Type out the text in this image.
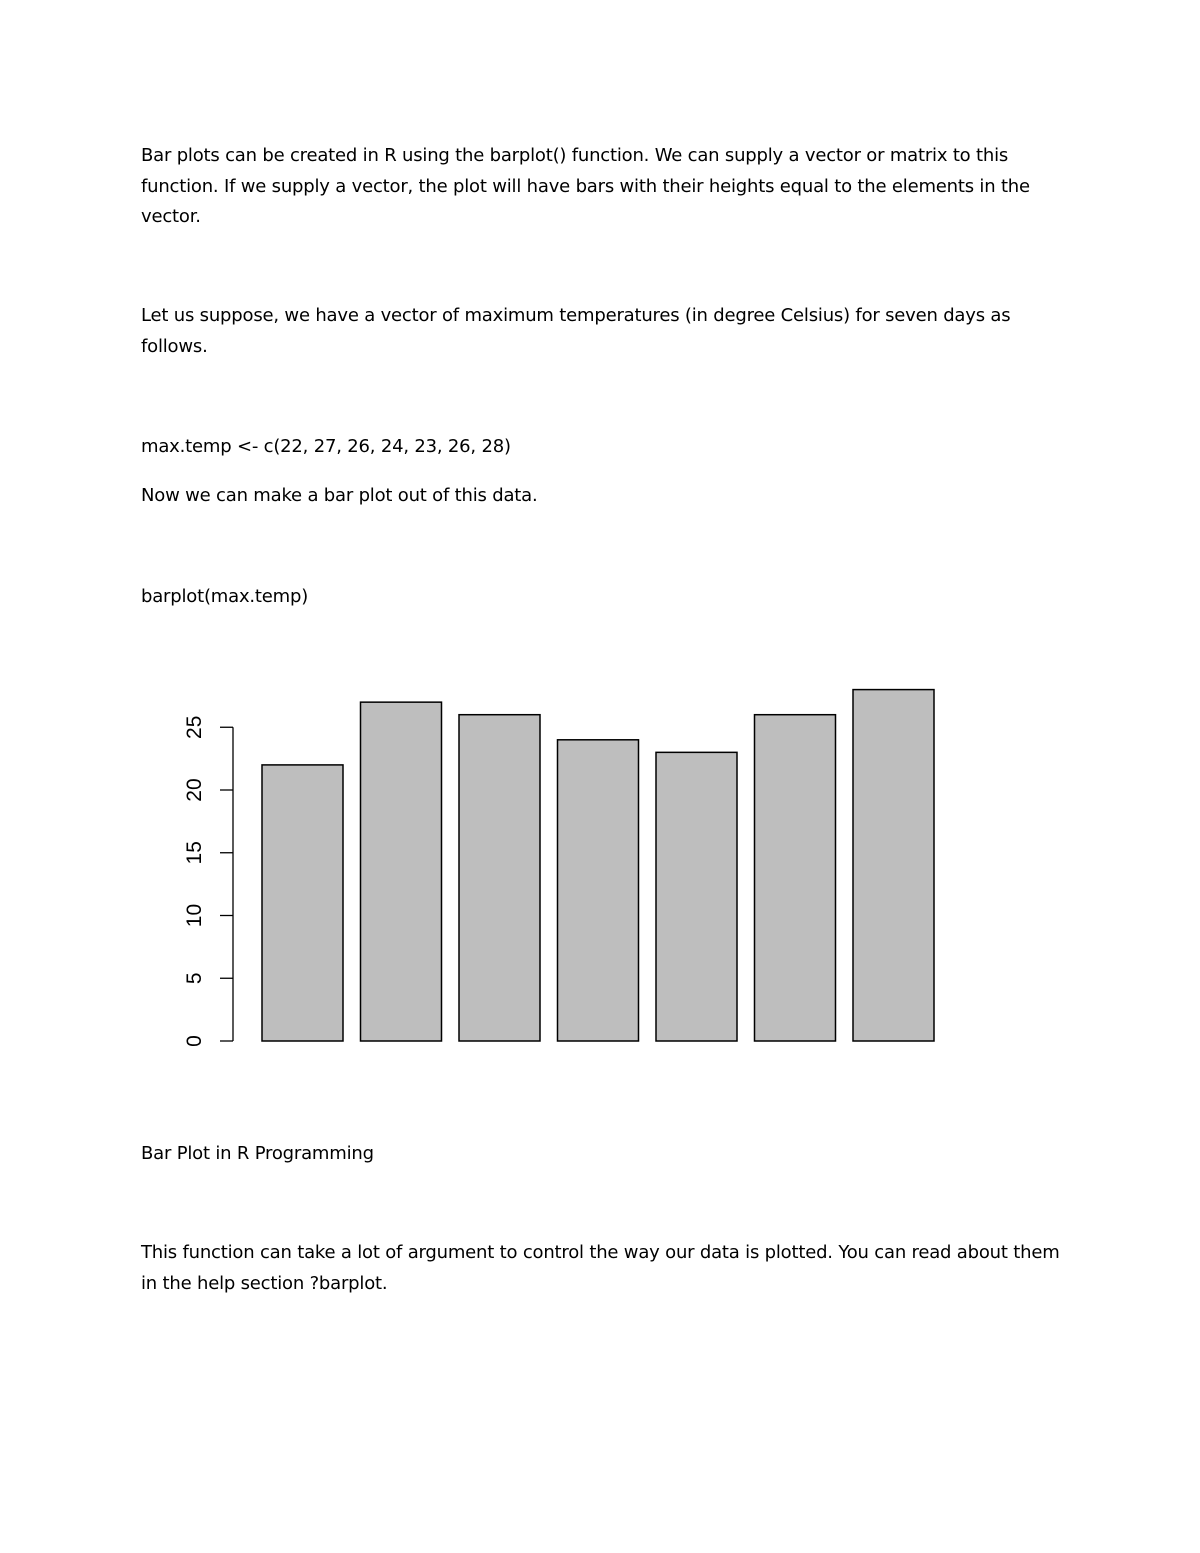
Bar plots can be created in R using the barplot() function. We can supply a vector or matrix to this function. If we supply a vector, the plot will have bars with their heights equal to the elements in the vector.

Let us suppose, we have a vector of maximum temperatures (in degree Celsius) for seven days as follows.

max.temp <- c(22, 27, 26, 24, 23, 26, 28)

Now we can make a bar plot out of this data.

barplot(max.temp)

0
5
10
15
20
25

Bar Plot in R Programming

This function can take a lot of argument to control the way our data is plotted. You can read about them in the help section ?barplot.
